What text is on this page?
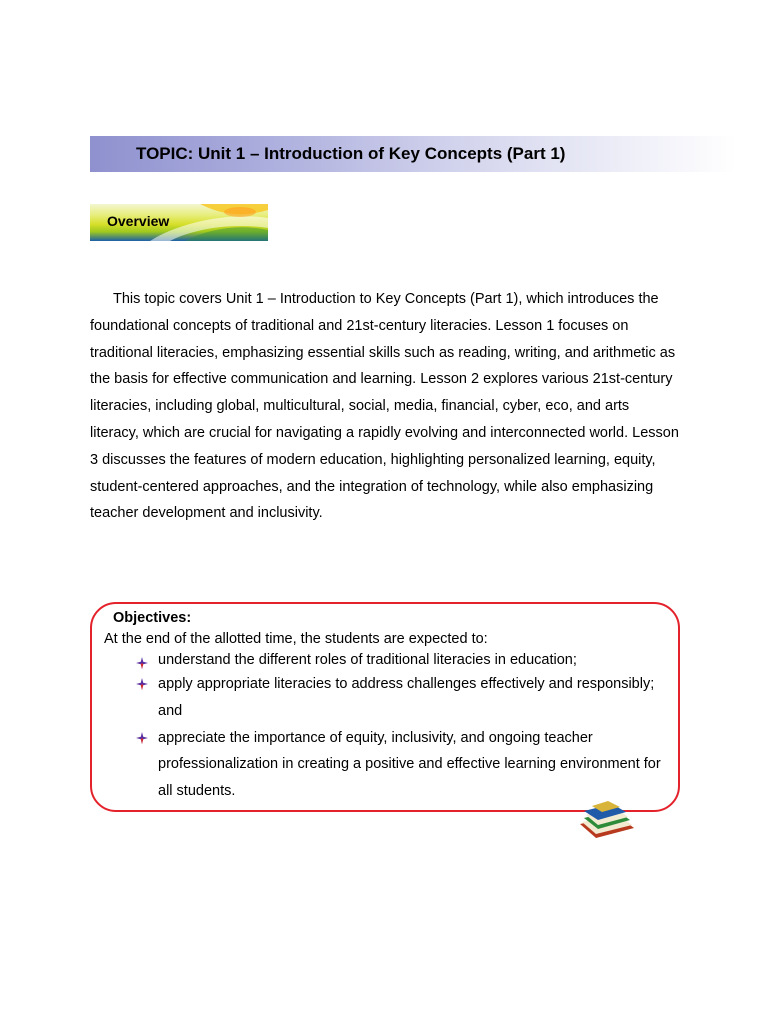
TOPIC: Unit 1 – Introduction of Key Concepts (Part 1)
Overview

This topic covers Unit 1 – Introduction to Key Concepts (Part 1), which introduces the foundational concepts of traditional and 21st-century literacies. Lesson 1 focuses on traditional literacies, emphasizing essential skills such as reading, writing, and arithmetic as the basis for effective communication and learning. Lesson 2 explores various 21st-century literacies, including global, multicultural, social, media, financial, cyber, eco, and arts literacy, which are crucial for navigating a rapidly evolving and interconnected world. Lesson 3 discusses the features of modern education, highlighting personalized learning, equity, student-centered approaches, and the integration of technology, while also emphasizing teacher development and inclusivity.

Objectives:
At the end of the allotted time, the students are expected to:
understand the different roles of traditional literacies in education;
apply appropriate literacies to address challenges effectively and responsibly; and
appreciate the importance of equity, inclusivity, and ongoing teacher professionalization in creating a positive and effective learning environment for all students.
